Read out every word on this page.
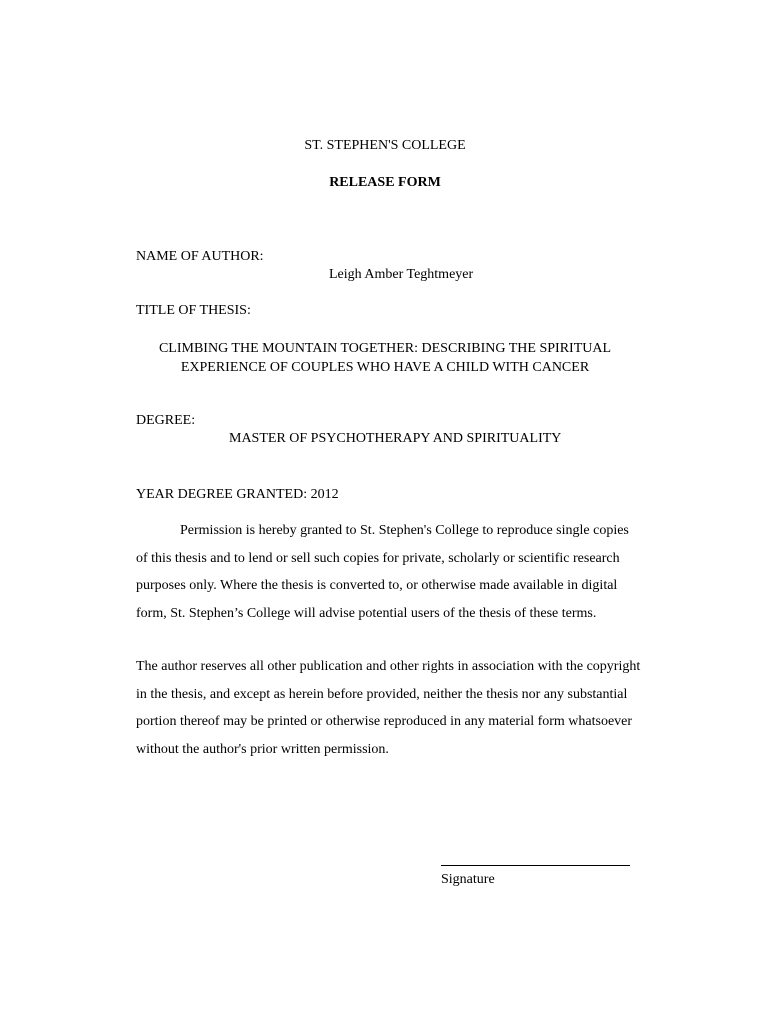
ST. STEPHEN'S COLLEGE
RELEASE FORM
NAME OF AUTHOR:
Leigh Amber Teghtmeyer
TITLE OF THESIS:
CLIMBING THE MOUNTAIN TOGETHER: DESCRIBING THE SPIRITUAL
EXPERIENCE OF COUPLES WHO HAVE A CHILD WITH CANCER
DEGREE:
MASTER OF PSYCHOTHERAPY AND SPIRITUALITY
YEAR DEGREE GRANTED: 2012
Permission is hereby granted to St. Stephen's College to reproduce single copies
of this thesis and to lend or sell such copies for private, scholarly or scientific research
purposes only. Where the thesis is converted to, or otherwise made available in digital
form, St. Stephen’s College will advise potential users of the thesis of these terms.
The author reserves all other publication and other rights in association with the copyright
in the thesis, and except as herein before provided, neither the thesis nor any substantial
portion thereof may be printed or otherwise reproduced in any material form whatsoever
without the author's prior written permission.
Signature
